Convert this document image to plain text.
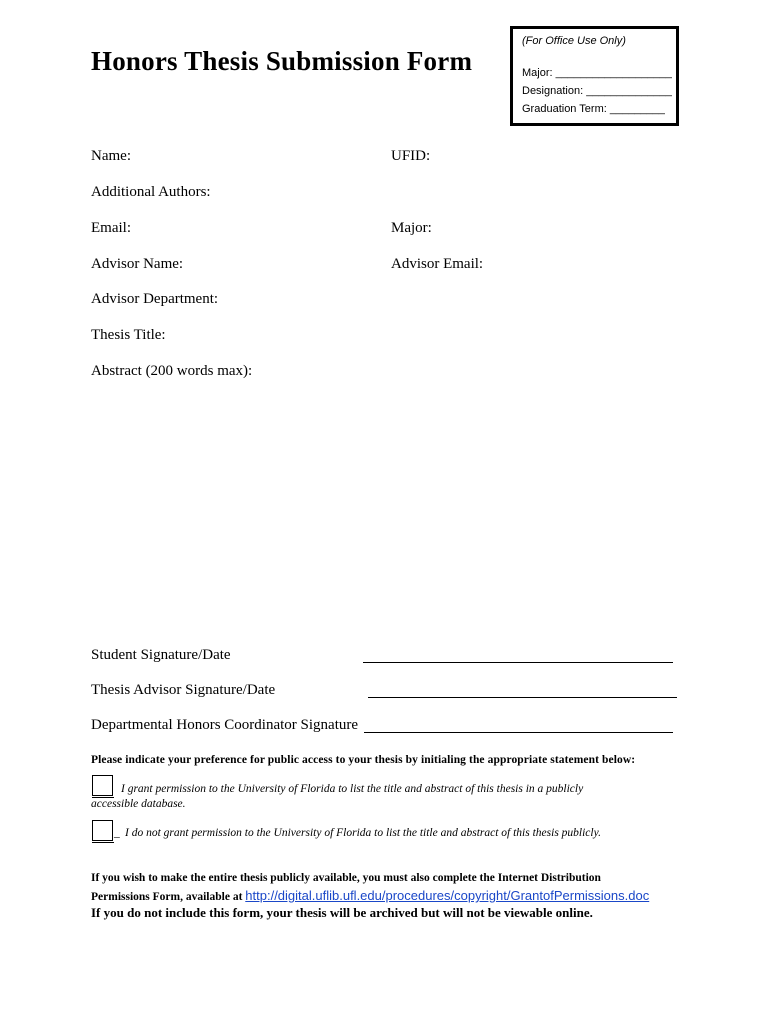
Honors Thesis Submission Form
(For Office Use Only)
Major: ___________________
Designation: ______________
Graduation Term: _________
Name:	UFID:
Additional Authors:
Email:	Major:
Advisor Name:	Advisor Email:
Advisor Department:
Thesis Title:
Abstract (200 words max):
Student Signature/Date
Thesis Advisor Signature/Date
Departmental Honors Coordinator Signature
Please indicate your preference for public access to your thesis by initialing the appropriate statement below:
I grant permission to the University of Florida to list the title and abstract of this thesis in a publicly
accessible database.
_ I do not grant permission to the University of Florida to list the title and abstract of this thesis publicly.
If you wish to make the entire thesis publicly available, you must also complete the Internet Distribution
Permissions Form, available at http://digital.uflib.ufl.edu/procedures/copyright/GrantofPermissions.doc
If you do not include this form, your thesis will be archived but will not be viewable online.
